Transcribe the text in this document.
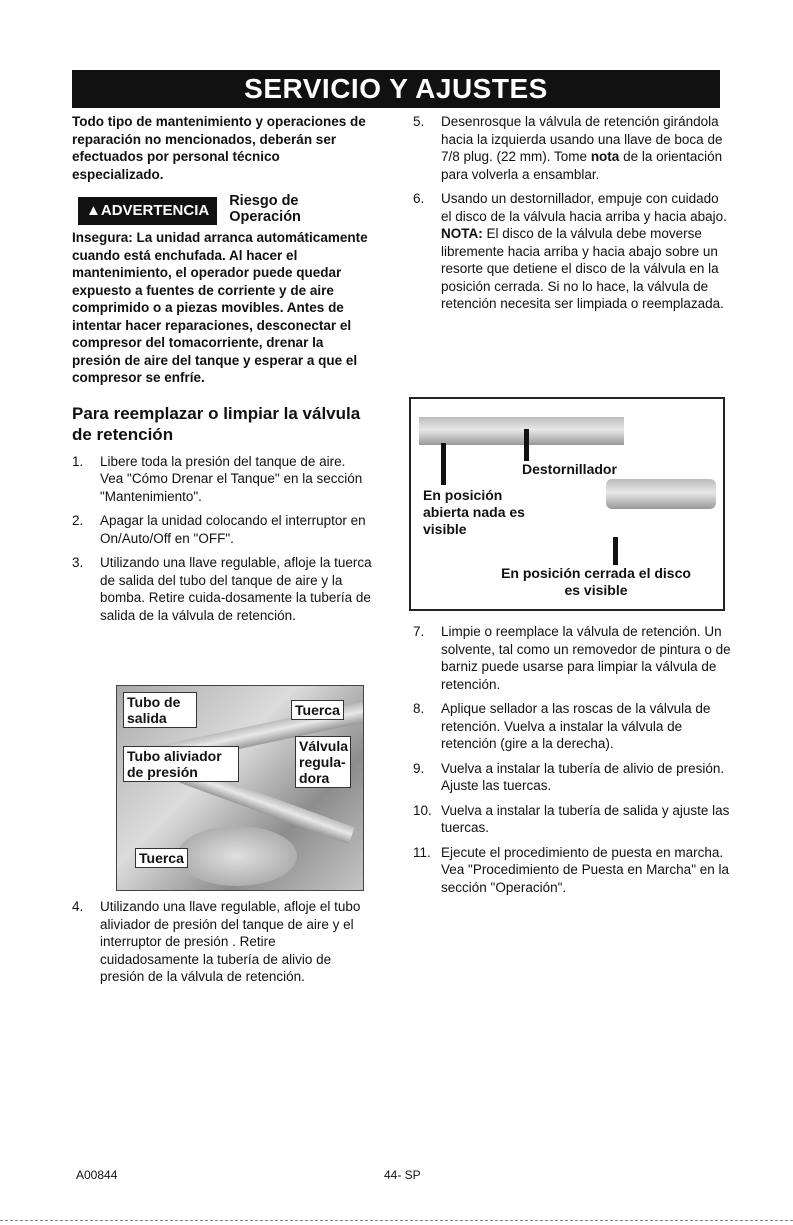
SERVICIO Y AJUSTES

Todo tipo de mantenimiento y operaciones de reparación no mencionados, deberán ser efectuados por personal técnico especializado.

▲ADVERTENCIA
Riesgo de
Operación

Insegura: La unidad arranca automáticamente cuando está enchufada. Al hacer el mantenimiento, el operador puede quedar expuesto a fuentes de corriente y de aire comprimido o a piezas movibles. Antes de intentar hacer reparaciones, desconectar el compresor del tomacorriente, drenar la presión de aire del tanque y esperar a que el compresor se enfríe.

Para reemplazar o limpiar la válvula de retención
1.	Libere toda la presión del tanque de aire. Vea "Cómo Drenar el Tanque" en la sección "Mantenimiento".
2.	Apagar la unidad colocando el interruptor en On/Auto/Off en "OFF".
3.	Utilizando una llave regulable, afloje la tuerca de salida del tubo del tanque de aire y la bomba. Retire cuida-dosamente la tubería de salida de la válvula de retención.
Tubo de salida	Tuerca
Tubo aliviador de presión
Válvula regula- dora
Tuerca
4.	Utilizando una llave regulable, afloje el tubo aliviador de presión del tanque de aire y el interruptor de presión . Retire cuidadosamente la tubería de alivio de presión de la válvula de retención.
5.	Desenrosque la válvula de retención girándola hacia la izquierda usando una llave de boca de 7/8 plug. (22 mm). Tome nota de la orientación para volverla a ensamblar.
6.	Usando un destornillador, empuje con cuidado el disco de la válvula hacia arriba y hacia abajo. NOTA: El disco de la válvula debe moverse libremente hacia arriba y hacia abajo sobre un resorte que detiene el disco de la válvula en la posición cerrada. Si no lo hace, la válvula de retención necesita ser limpiada o reemplazada.
Destornillador
En posición abierta nada es visible
En posición cerrada el disco es visible
7.	Limpie o reemplace la válvula de retención. Un solvente, tal como un removedor de pintura o de barniz puede usarse para limpiar la válvula de retención.
8.	Aplique sellador a las roscas de la válvula de retención. Vuelva a instalar la válvula de retención (gire a la derecha).
9.	Vuelva a instalar la tubería de alivio de presión. Ajuste las tuercas.
10. Vuelva a instalar la tubería de salida y ajuste las tuercas.
11. Ejecute el procedimiento de puesta en marcha. Vea "Procedimiento de Puesta en Marcha" en la sección "Operación".
A00844	44- SP
